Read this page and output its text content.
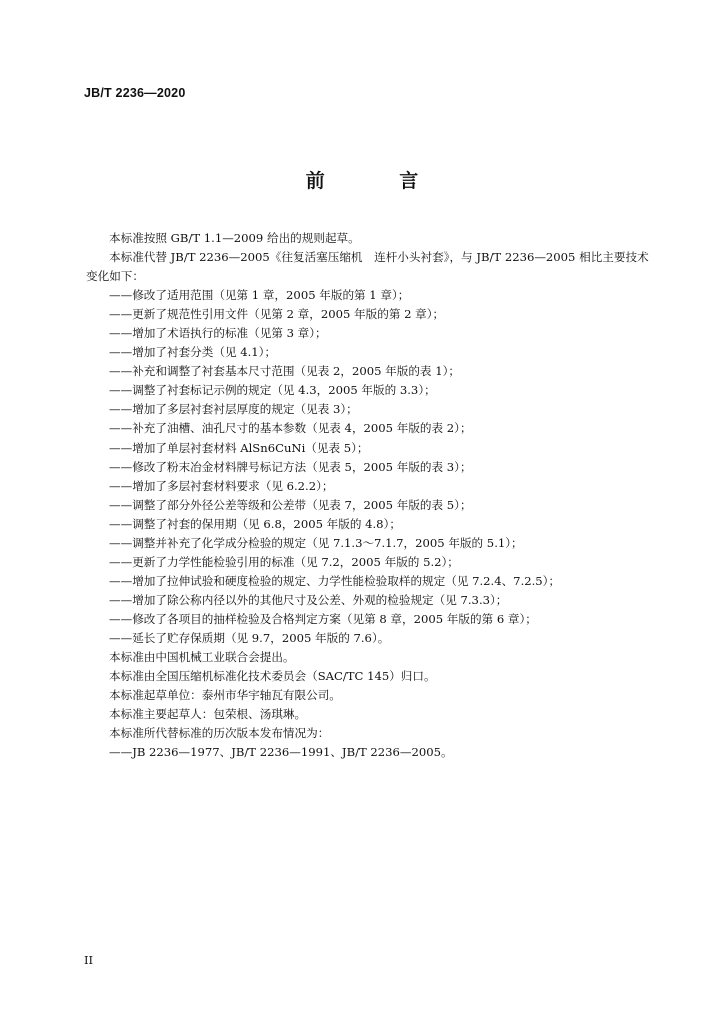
JB/T 2236—2020
前 言

本标准按照 GB/T 1.1—2009 给出的规则起草。

本标准代替 JB/T 2236—2005《往复活塞压缩机　连杆小头衬套》，与 JB/T 2236—2005 相比主要技术变化如下：

——修改了适用范围（见第 1 章，2005 年版的第 1 章）；
——更新了规范性引用文件（见第 2 章，2005 年版的第 2 章）；
——增加了术语执行的标准（见第 3 章）；
——增加了衬套分类（见 4.1）；
——补充和调整了衬套基本尺寸范围（见表 2，2005 年版的表 1）；
——调整了衬套标记示例的规定（见 4.3，2005 年版的 3.3）；
——增加了多层衬套衬层厚度的规定（见表 3）；
——补充了油槽、油孔尺寸的基本参数（见表 4，2005 年版的表 2）；
——增加了单层衬套材料 AlSn6CuNi（见表 5）；
——修改了粉末冶金材料牌号标记方法（见表 5，2005 年版的表 3）；
——增加了多层衬套材料要求（见 6.2.2）；
——调整了部分外径公差等级和公差带（见表 7，2005 年版的表 5）；
——调整了衬套的保用期（见 6.8，2005 年版的 4.8）；
——调整并补充了化学成分检验的规定（见 7.1.3～7.1.7，2005 年版的 5.1）；
——更新了力学性能检验引用的标准（见 7.2，2005 年版的 5.2）；
——增加了拉伸试验和硬度检验的规定、力学性能检验取样的规定（见 7.2.4、7.2.5）；
——增加了除公称内径以外的其他尺寸及公差、外观的检验规定（见 7.3.3）；
——修改了各项目的抽样检验及合格判定方案（见第 8 章，2005 年版的第 6 章）；
——延长了贮存保质期（见 9.7，2005 年版的 7.6）。

本标准由中国机械工业联合会提出。

本标准由全国压缩机标准化技术委员会（SAC/TC 145）归口。

本标准起草单位：泰州市华宇轴瓦有限公司。

本标准主要起草人：包荣根、汤琪琳。

本标准所代替标准的历次版本发布情况为：

——JB 2236—1977、JB/T 2236—1991、JB/T 2236—2005。
II
